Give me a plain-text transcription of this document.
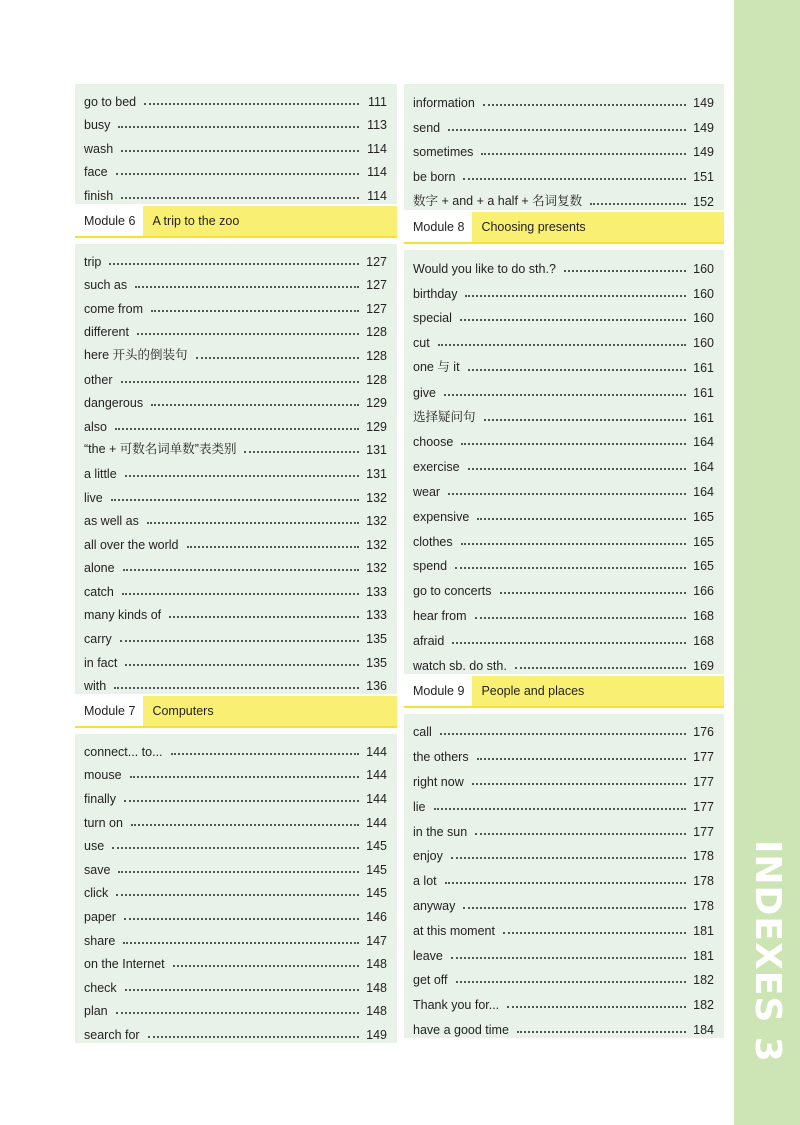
go to bed	111
busy	113
wash	114
face	114
finish	114
Module 6	A trip to the zoo
trip	127
such as	127
come from	127
different	128
here 开头的倒装句	128
other	128
dangerous	129
also	129
“the + 可数名词单数”表类别	131
a little	131
live	132
as well as	132
all over the world	132
alone	132
catch	133
many kinds of	133
carry	135
in fact	135
with	136
Module 7	Computers
connect... to...	144
mouse	144
finally	144
turn on	144
use	145
save	145
click	145
paper	146
share	147
on the Internet	148
check	148
plan	148
search for	149
information	149
send	149
sometimes	149
be born	151
数字 + and + a half + 名词复数	152
Module 8	Choosing presents
Would you like to do sth.?	160
birthday	160
special	160
cut	160
one 与 it	161
give	161
选择疑问句	161
choose	164
exercise	164
wear	164
expensive	165
clothes	165
spend	165
go to concerts	166
hear from	168
afraid	168
watch sb. do sth.	169
Module 9	People and places
call	176
the others	177
right now	177
lie	177
in the sun	177
enjoy	178
a lot	178
anyway	178
at this moment	181
leave	181
get off	182
Thank you for...	182
have a good time	184 INDEXES 3
